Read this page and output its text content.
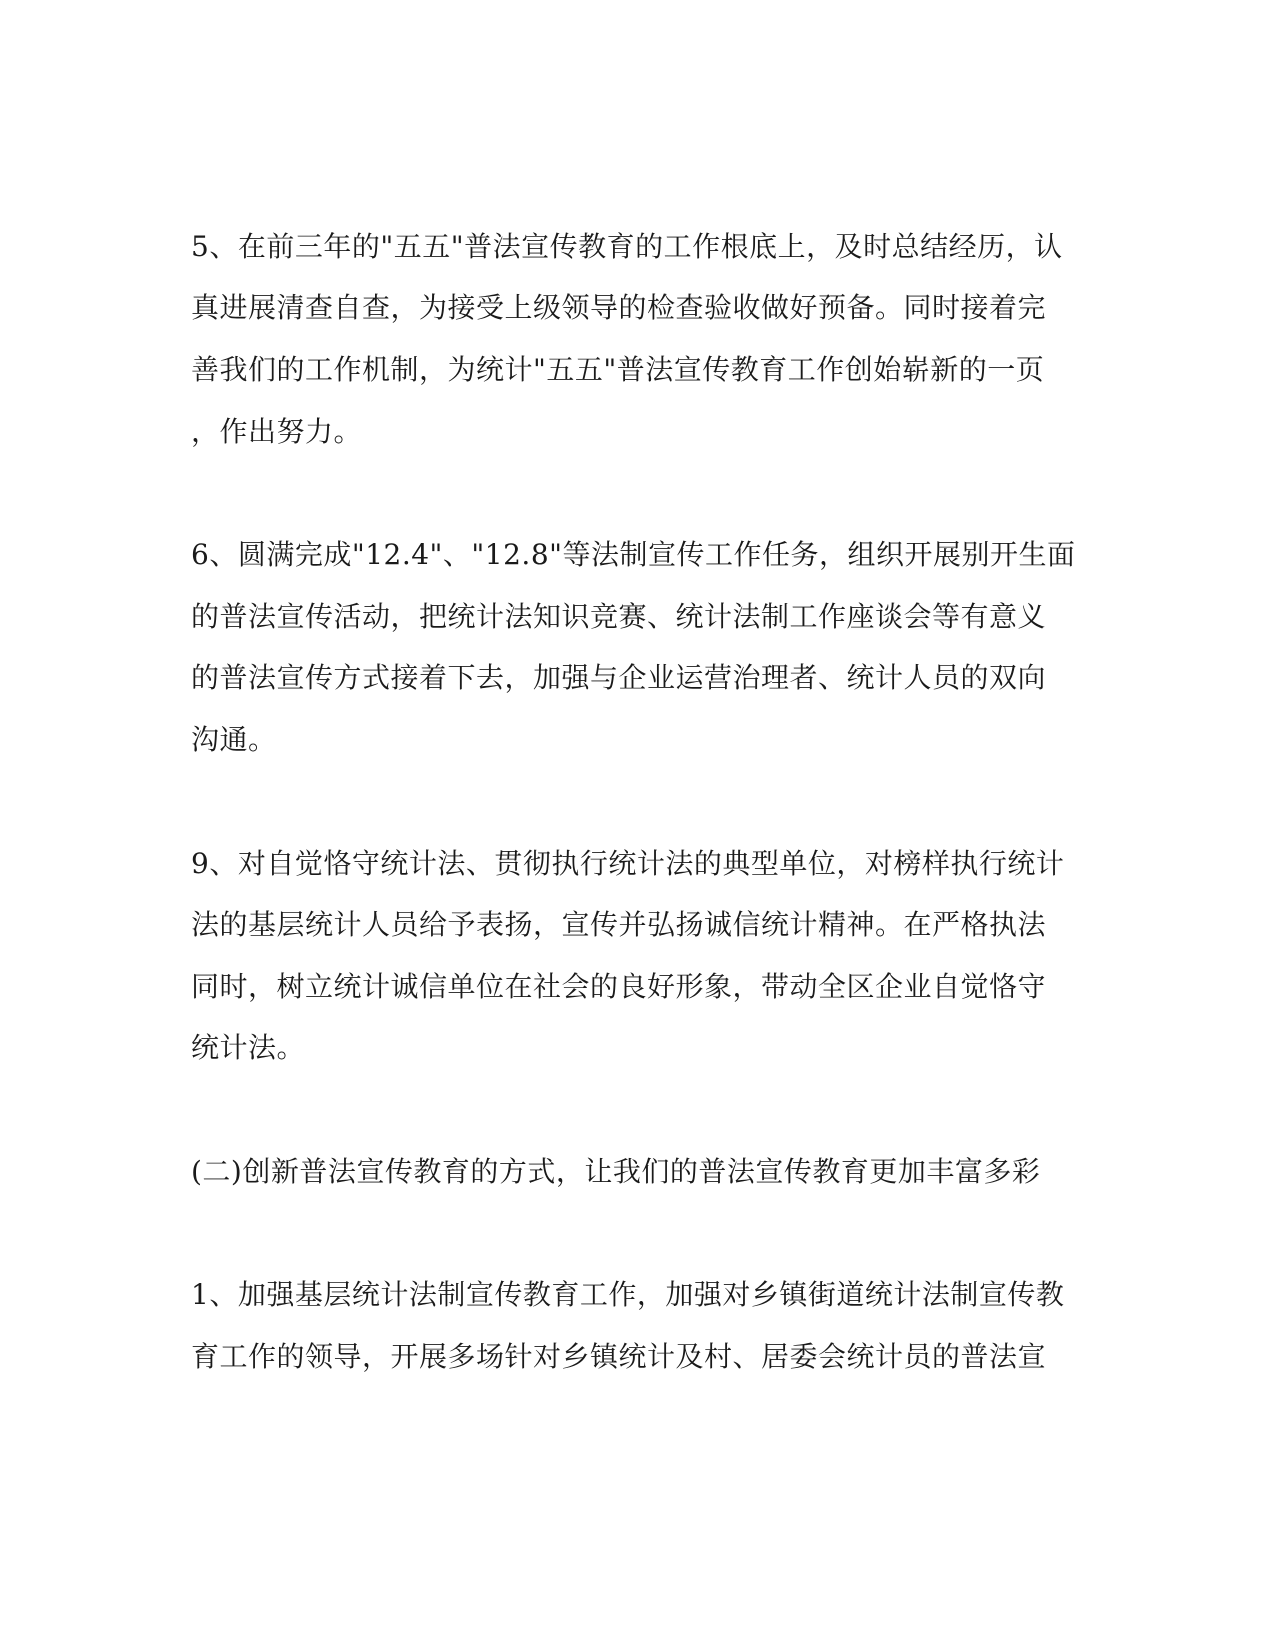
5、在前三年的"五五"普法宣传教育的工作根底上，及时总结经历，认
真进展清查自查，为接受上级领导的检查验收做好预备。同时接着完
善我们的工作机制，为统计"五五"普法宣传教育工作创始崭新的一页
，作出努力。
6、圆满完成"12.4"、"12.8"等法制宣传工作任务，组织开展别开生面
的普法宣传活动，把统计法知识竞赛、统计法制工作座谈会等有意义
的普法宣传方式接着下去，加强与企业运营治理者、统计人员的双向
沟通。
9、对自觉恪守统计法、贯彻执行统计法的典型单位，对榜样执行统计
法的基层统计人员给予表扬，宣传并弘扬诚信统计精神。在严格执法
同时，树立统计诚信单位在社会的良好形象，带动全区企业自觉恪守
统计法。
(二)创新普法宣传教育的方式，让我们的普法宣传教育更加丰富多彩
1、加强基层统计法制宣传教育工作，加强对乡镇街道统计法制宣传教
育工作的领导，开展多场针对乡镇统计及村、居委会统计员的普法宣
